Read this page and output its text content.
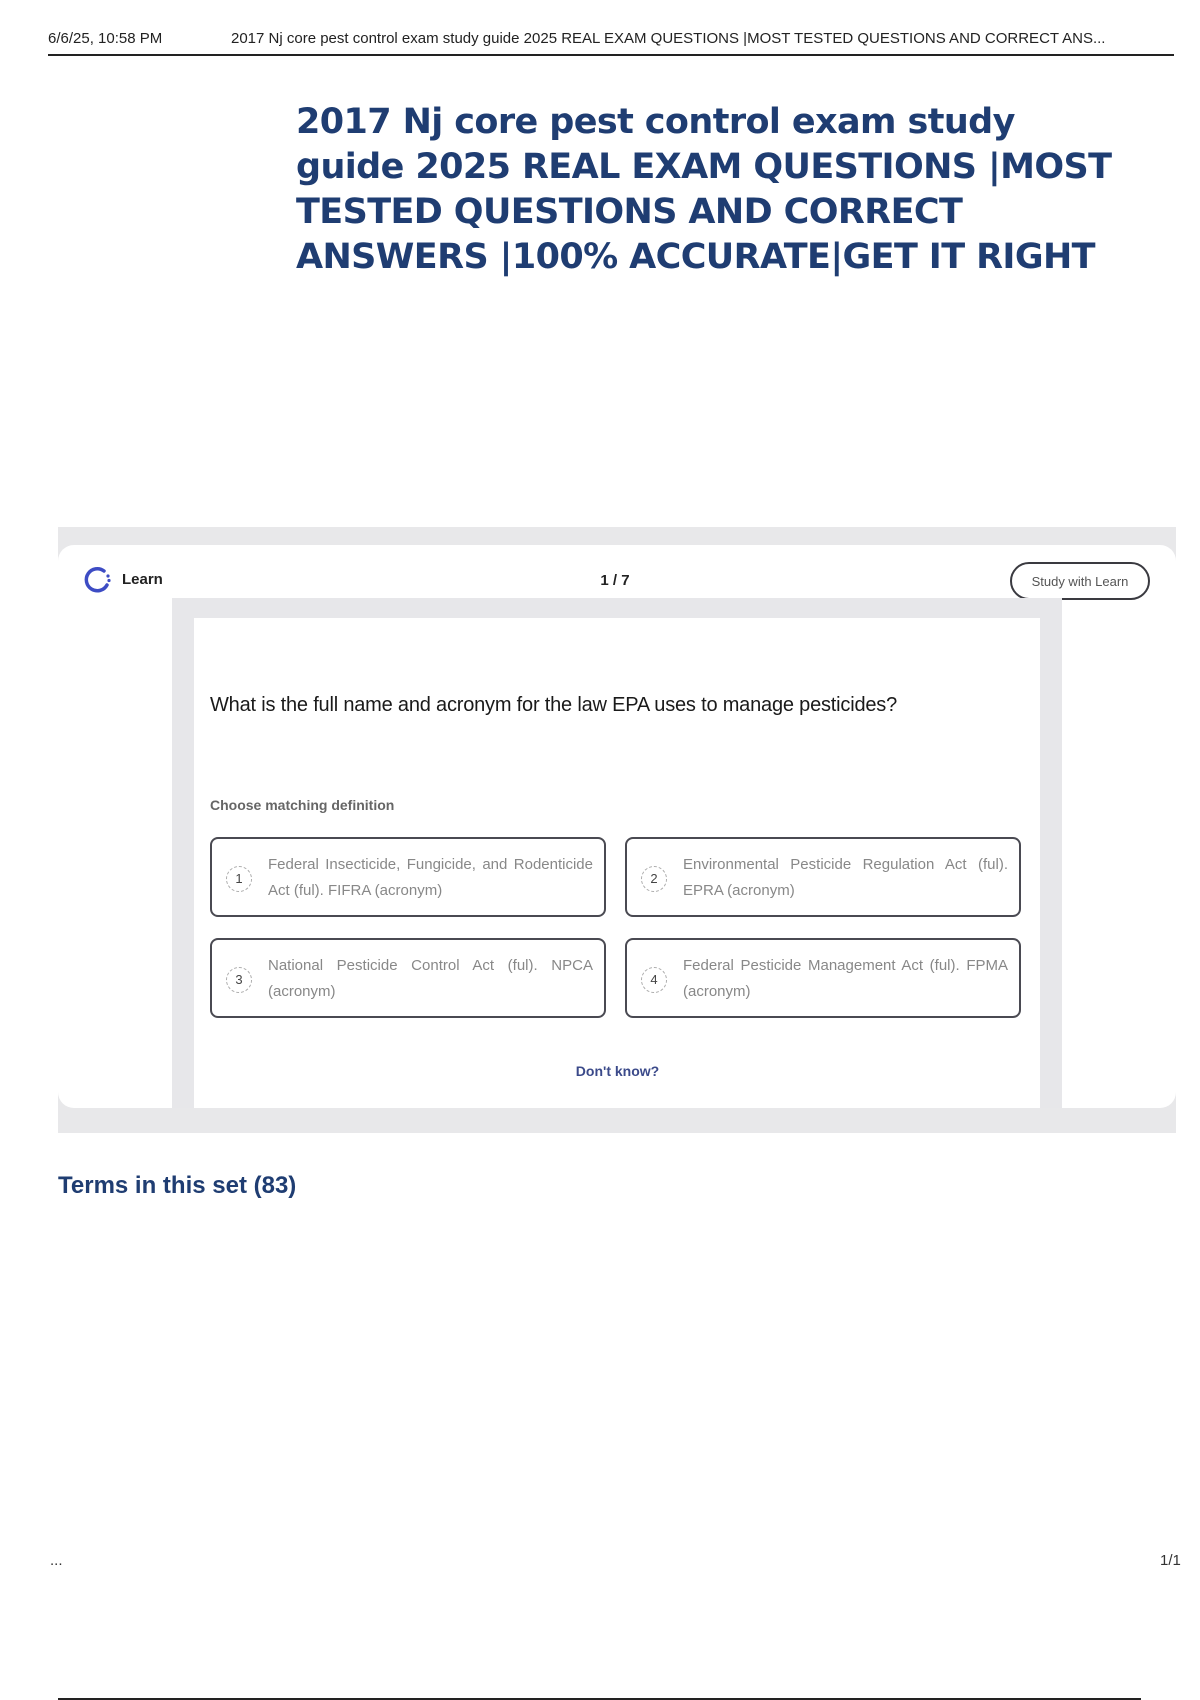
6/6/25, 10:58 PM	2017 Nj core pest control exam study guide 2025 REAL EXAM QUESTIONS |MOST TESTED QUESTIONS AND CORRECT ANS...
2017 Nj core pest control exam study guide 2025 REAL EXAM QUESTIONS |MOST TESTED QUESTIONS AND CORRECT ANSWERS |100% ACCURATE|GET IT RIGHT
Learn	1 / 7	Study with Learn
What is the full name and acronym for the law EPA uses to manage pesticides?
Choose matching definition
1
Federal Insecticide, Fungicide, and Rodenticide Act (ful). FIFRA (acronym)
2
Environmental Pesticide Regulation Act (ful). EPRA (acronym)
3
National Pesticide Control Act (ful). NPCA (acronym)
4
Federal Pesticide Management Act (ful). FPMA (acronym)
Don't know?
Terms in this set (83)
...	1/1
